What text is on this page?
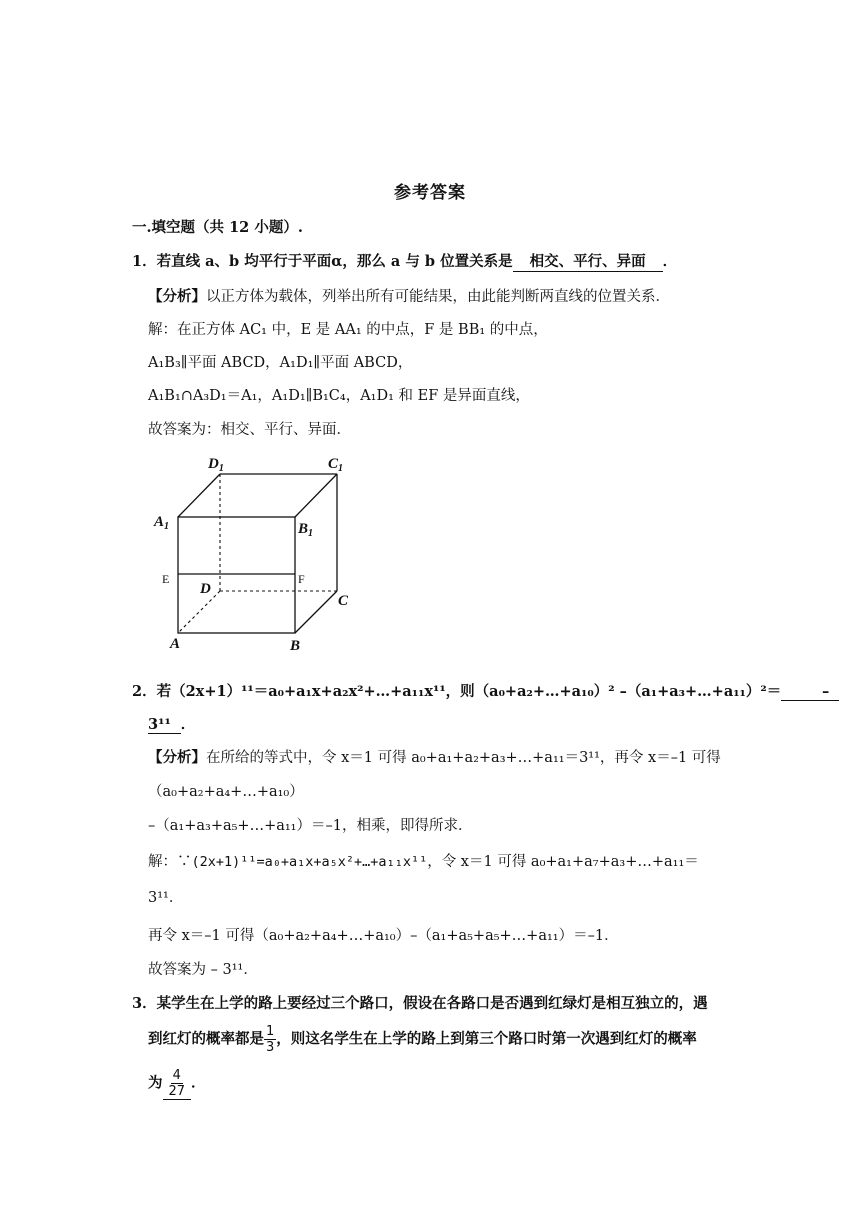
参考答案
一.填空题（共 12 小题）.
1．若直线 a、b 均平行于平面α，那么 a 与 b 位置关系是 相交、平行、异面 ．
【分析】以正方体为载体，列举出所有可能结果，由此能判断两直线的位置关系．
解：在正方体 AC₁ 中，E 是 AA₁ 的中点，F 是 BB₁ 的中点，
A₁B₃∥平面 ABCD，A₁D₁∥平面 ABCD，
A₁B₁∩A₃D₁＝A₁，A₁D₁∥B₁C₄，A₁D₁ 和 EF 是异面直线，
故答案为：相交、平行、异面．
$D_1$	$C_1$
$A_1$	$B_1$
D
C
A	B
E	F
2．若（2x+1）¹¹＝a₀+a₁x+a₂x²+…+a₁₁x¹¹，则（a₀+a₂+…+a₁₀）² –（a₁+a₃+…+a₁₁）²＝	–
3¹¹ ．
【分析】在所给的等式中，令 x＝1 可得 a₀+a₁+a₂+a₃+…+a₁₁＝3¹¹，再令 x＝–1 可得
（a₀+a₂+a₄+…+a₁₀）
–（a₁+a₃+a₅+…+a₁₁）＝–1，相乘，即得所求．
解：∵(2x+1)¹¹=a₀+a₁x+a₅x²+…+a₁₁x¹¹，令 x＝1 可得 a₀+a₁+a₇+a₃+…+a₁₁＝
3¹¹．
再令 x＝–1 可得（a₀+a₂+a₄+…+a₁₀）–（a₁+a₅+a₅+…+a₁₁）＝–1．
故答案为 – 3¹¹．
3．某学生在上学的路上要经过三个路口，假设在各路口是否遇到红绿灯是相互独立的，遇
到红灯的概率都是 $\frac{1}{3}$ ，则这名学生在上学的路上到第三个路口时第一次遇到红灯的概率
为 $\frac{4}{27}$ ．
